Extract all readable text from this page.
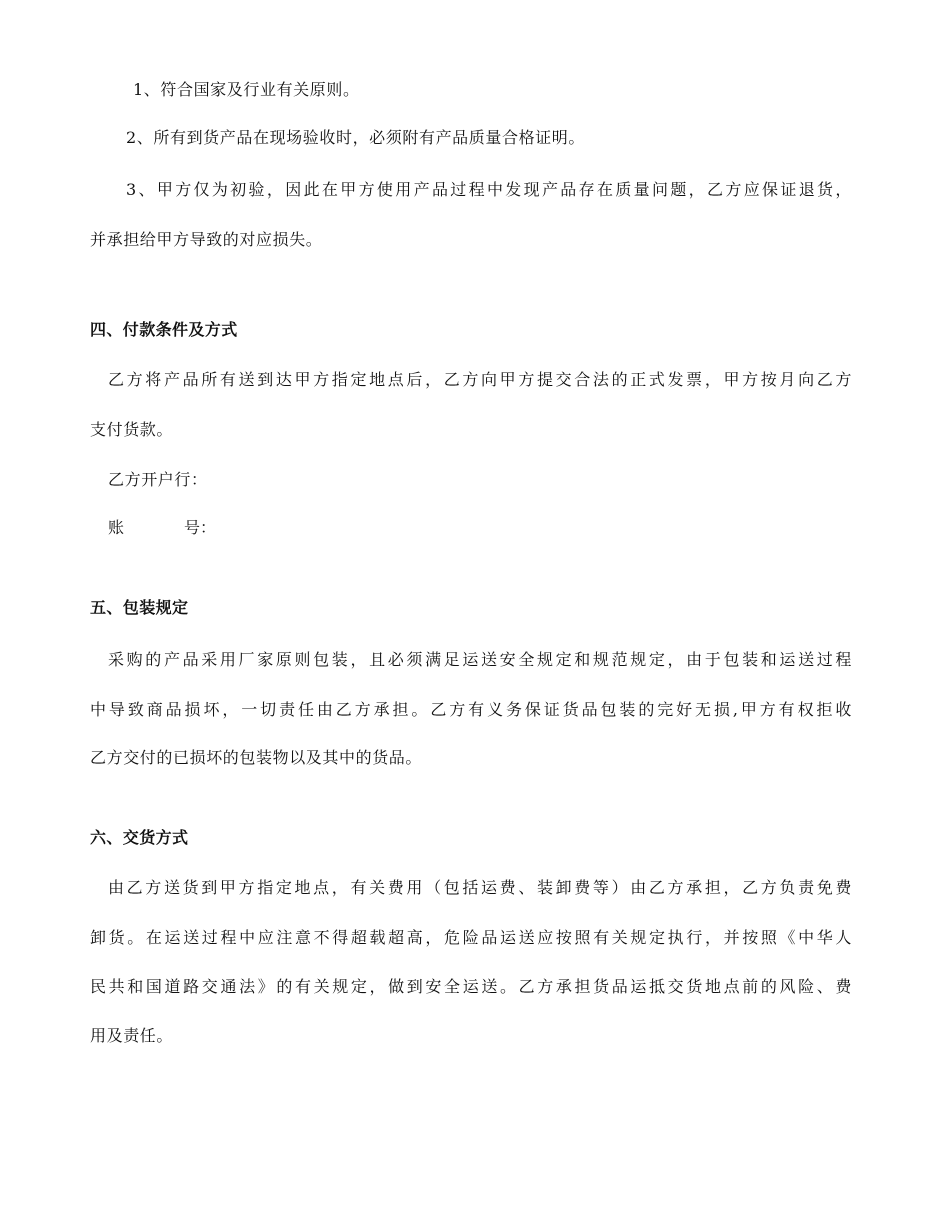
1、符合国家及行业有关原则。
2、所有到货产品在现场验收时，必须附有产品质量合格证明。
3、甲方仅为初验，因此在甲方使用产品过程中发现产品存在质量问题，乙方应保证退货，
并承担给甲方导致的对应损失。
四、付款条件及方式
乙方将产品所有送到达甲方指定地点后，乙方向甲方提交合法的正式发票，甲方按月向乙方
支付货款。
乙方开户行：
账	号：
五、包装规定
采购的产品采用厂家原则包装，且必须满足运送安全规定和规范规定，由于包装和运送过程
中导致商品损坏，一切责任由乙方承担。乙方有义务保证货品包装的完好无损,甲方有权拒收
乙方交付的已损坏的包装物以及其中的货品。
六、交货方式
由乙方送货到甲方指定地点，有关费用（包括运费、装卸费等）由乙方承担，乙方负责免费
卸货。在运送过程中应注意不得超载超高，危险品运送应按照有关规定执行，并按照《中华人
民共和国道路交通法》的有关规定，做到安全运送。乙方承担货品运抵交货地点前的风险、费
用及责任。
